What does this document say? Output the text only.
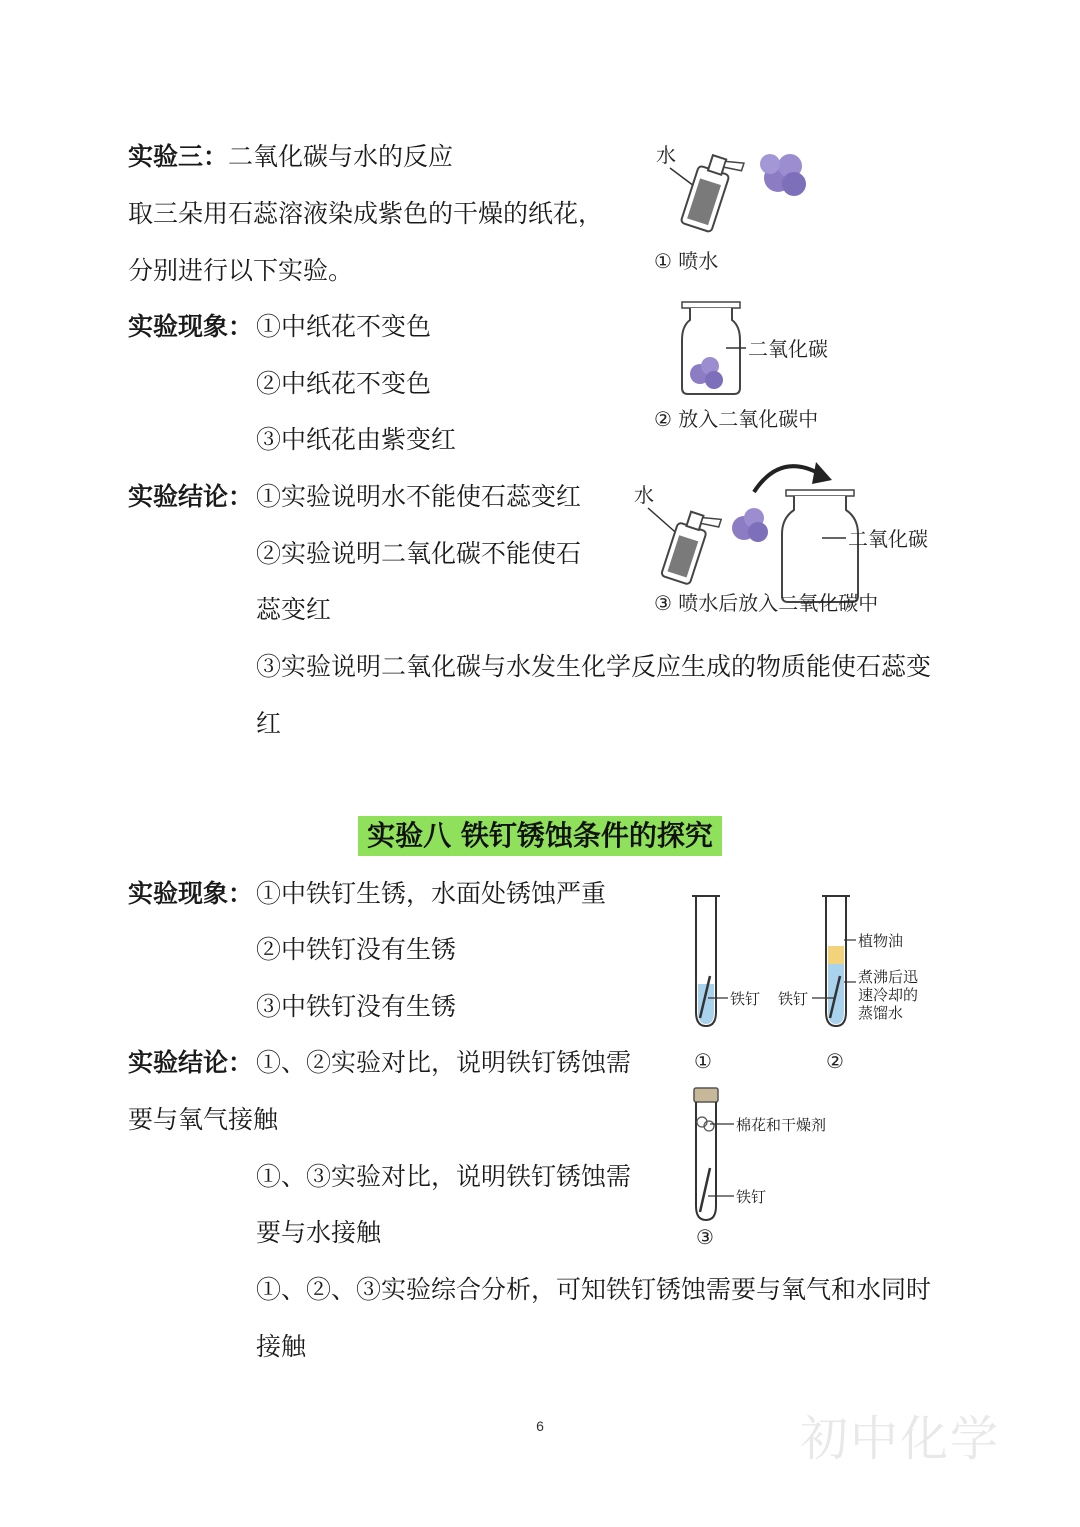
实验三：二氧化碳与水的反应
取三朵用石蕊溶液染成紫色的干燥的纸花，
分别进行以下实验。
实验现象： ①中纸花不变色
②中纸花不变色
③中纸花由紫变红
实验结论： ①实验说明水不能使石蕊变红
②实验说明二氧化碳不能使石
蕊变红
③实验说明二氧化碳与水发生化学反应生成的物质能使石蕊变
红
水
① 喷水
二氧化碳
② 放入二氧化碳中
水
二氧化碳
③ 喷水后放入二氧化碳中
实验八 铁钉锈蚀条件的探究
实验现象： ①中铁钉生锈，水面处锈蚀严重
②中铁钉没有生锈
③中铁钉没有生锈
实验结论： ①、②实验对比，说明铁钉锈蚀需
要与氧气接触
①、③实验对比，说明铁钉锈蚀需
要与水接触
①、②、③实验综合分析，可知铁钉锈蚀需要与氧气和水同时
接触
铁钉
①
植物油
煮沸后迅
速冷却的
蒸馏水
铁钉
②
棉花和干燥剂
铁钉
③
6	初中化学
